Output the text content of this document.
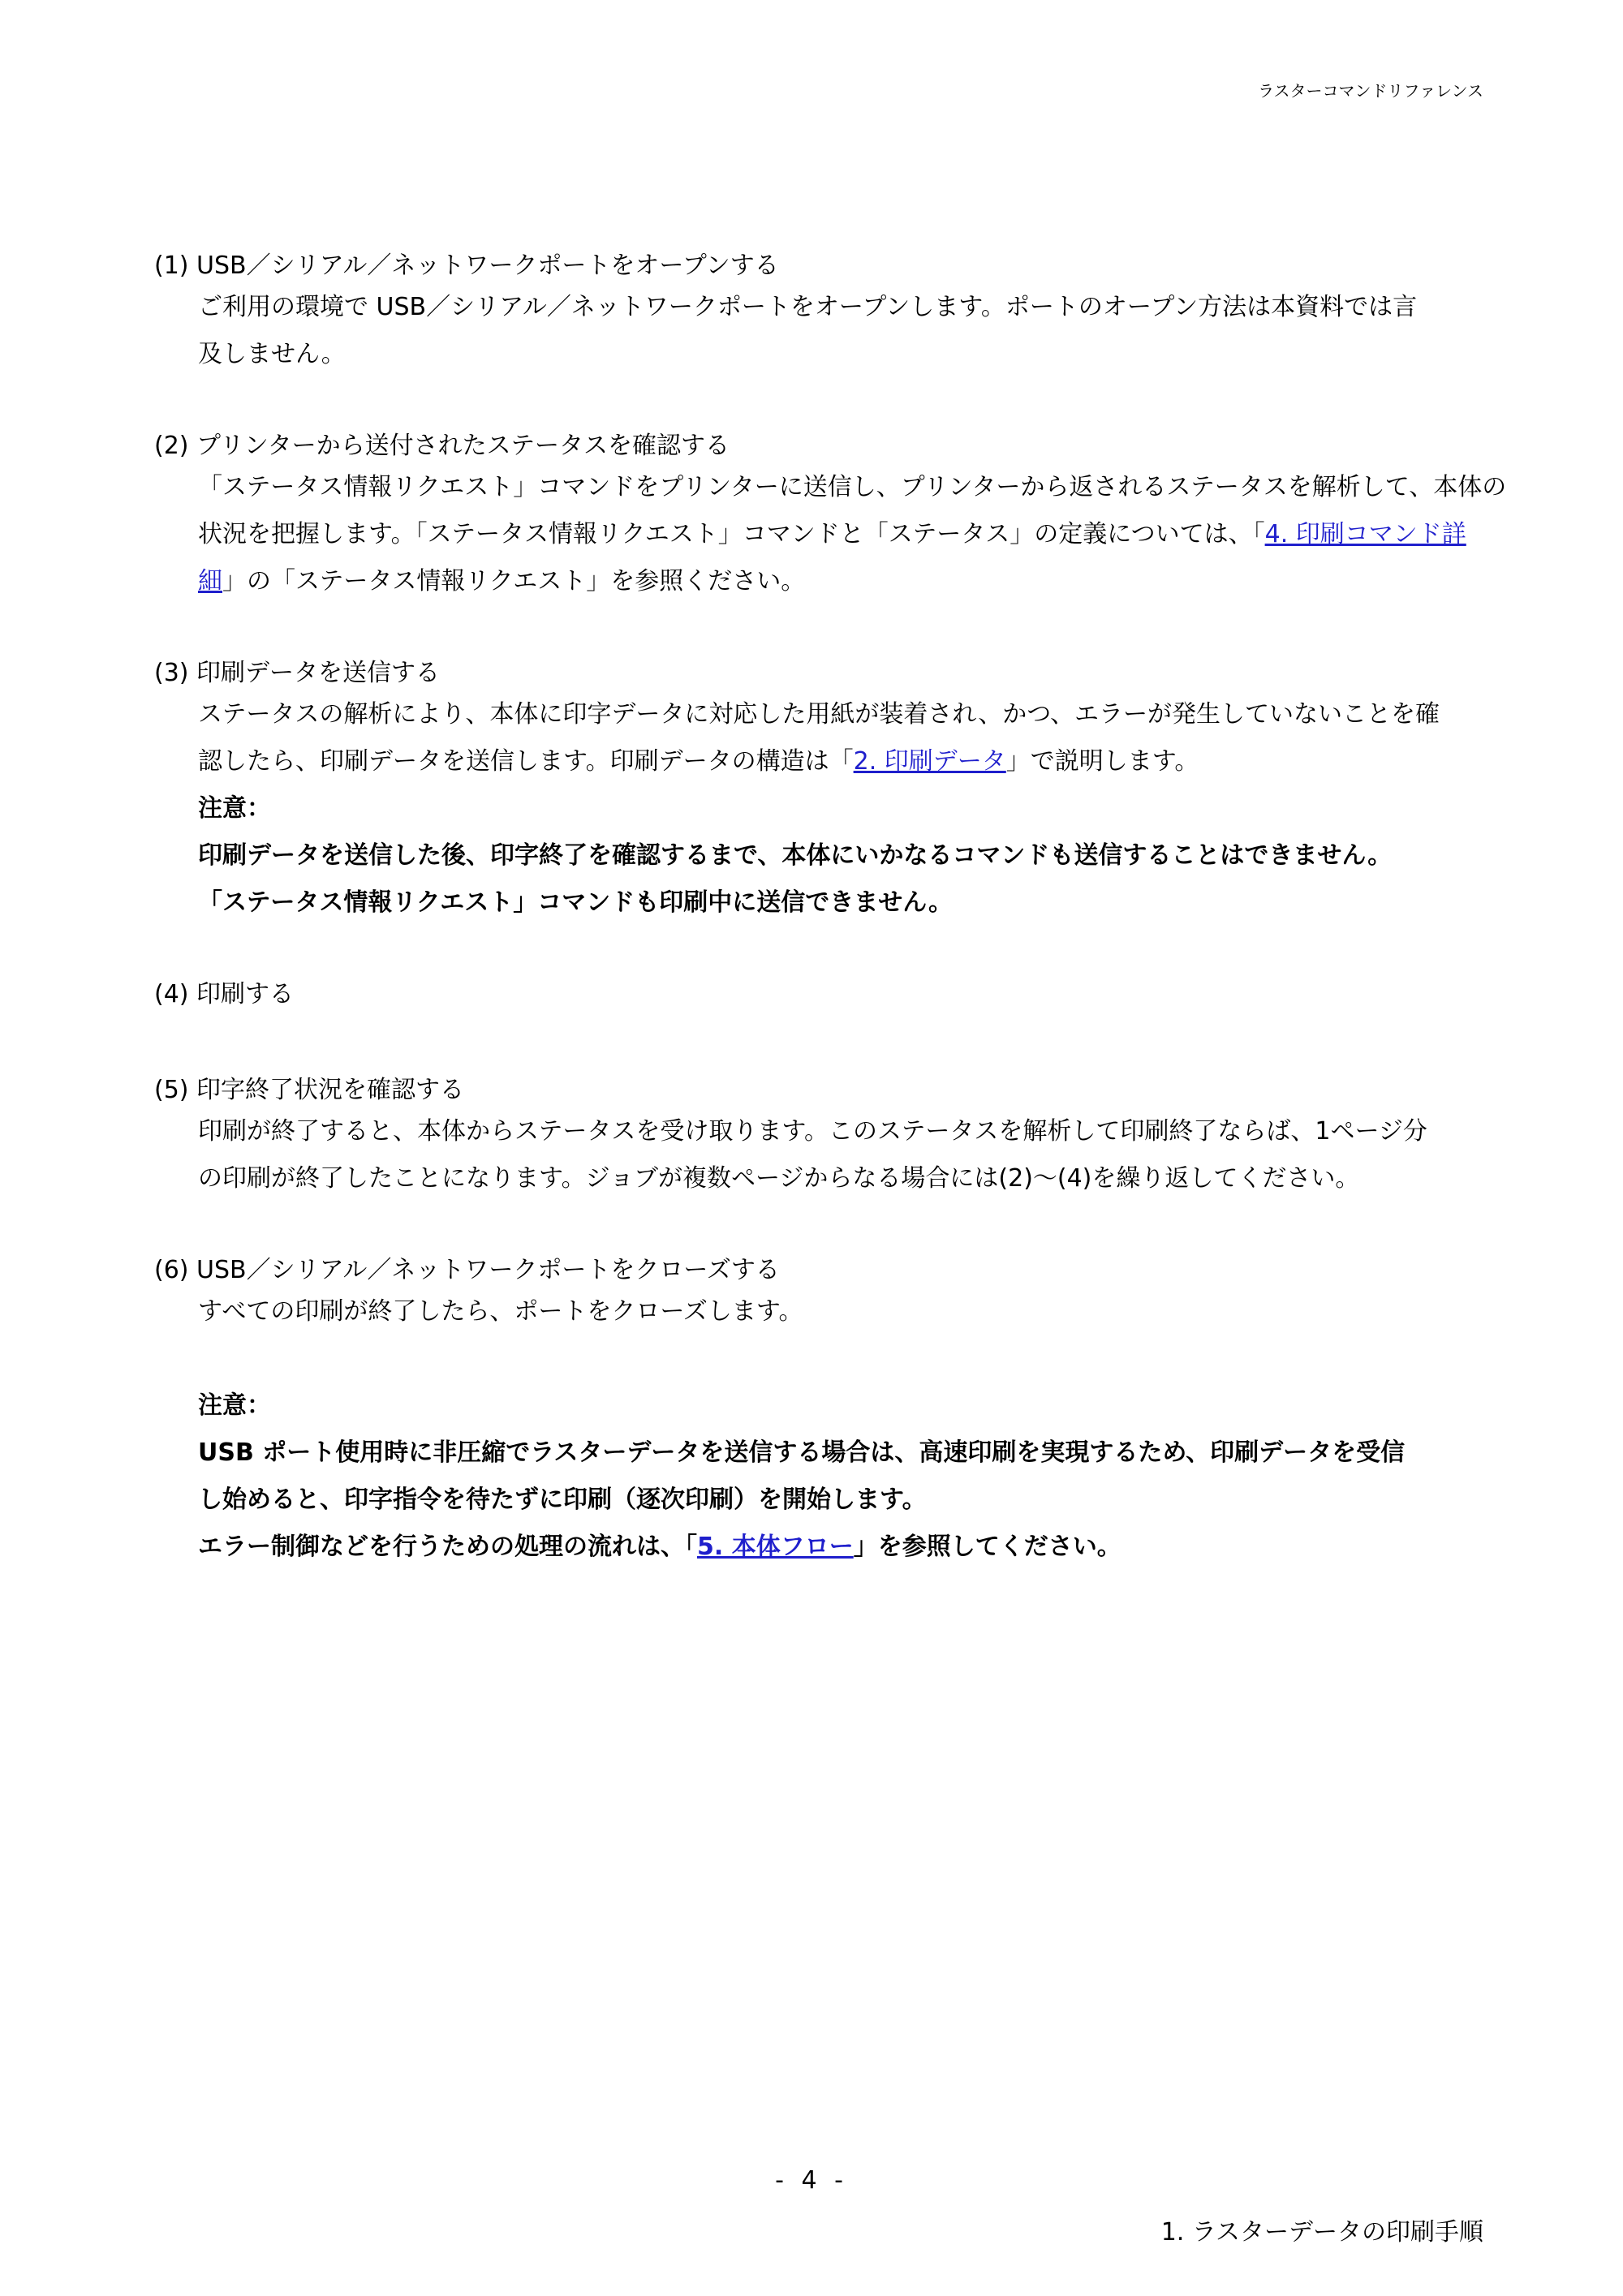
ラスターコマンドリファレンス
(1) USB／シリアル／ネットワークポートをオープンする
ご利用の環境で USB／シリアル／ネットワークポートをオープンします。ポートのオープン方法は本資料では言
及しません。
(2) プリンターから送付されたステータスを確認する
「ステータス情報リクエスト」コマンドをプリンターに送信し、プリンターから返されるステータスを解析して、本体の
状況を把握します。「ステータス情報リクエスト」コマンドと「ステータス」の定義については、「4. 印刷コマンド詳
細」の「ステータス情報リクエスト」を参照ください。
(3) 印刷データを送信する
ステータスの解析により、本体に印字データに対応した用紙が装着され、かつ、エラーが発生していないことを確
認したら、印刷データを送信します。印刷データの構造は「2. 印刷データ」で説明します。
注意：
印刷データを送信した後、印字終了を確認するまで、本体にいかなるコマンドも送信することはできません。
「ステータス情報リクエスト」コマンドも印刷中に送信できません。
(4) 印刷する
(5) 印字終了状況を確認する
印刷が終了すると、本体からステータスを受け取ります。このステータスを解析して印刷終了ならば、1ページ分
の印刷が終了したことになります。ジョブが複数ページからなる場合には(2)～(4)を繰り返してください。
(6) USB／シリアル／ネットワークポートをクローズする
すべての印刷が終了したら、ポートをクローズします。
注意：
USB ポート使用時に非圧縮でラスターデータを送信する場合は、高速印刷を実現するため、印刷データを受信
し始めると、印字指令を待たずに印刷（逐次印刷）を開始します。
エラー制御などを行うための処理の流れは、「5. 本体フロー」を参照してください。
- 4 -
1. ラスターデータの印刷手順
